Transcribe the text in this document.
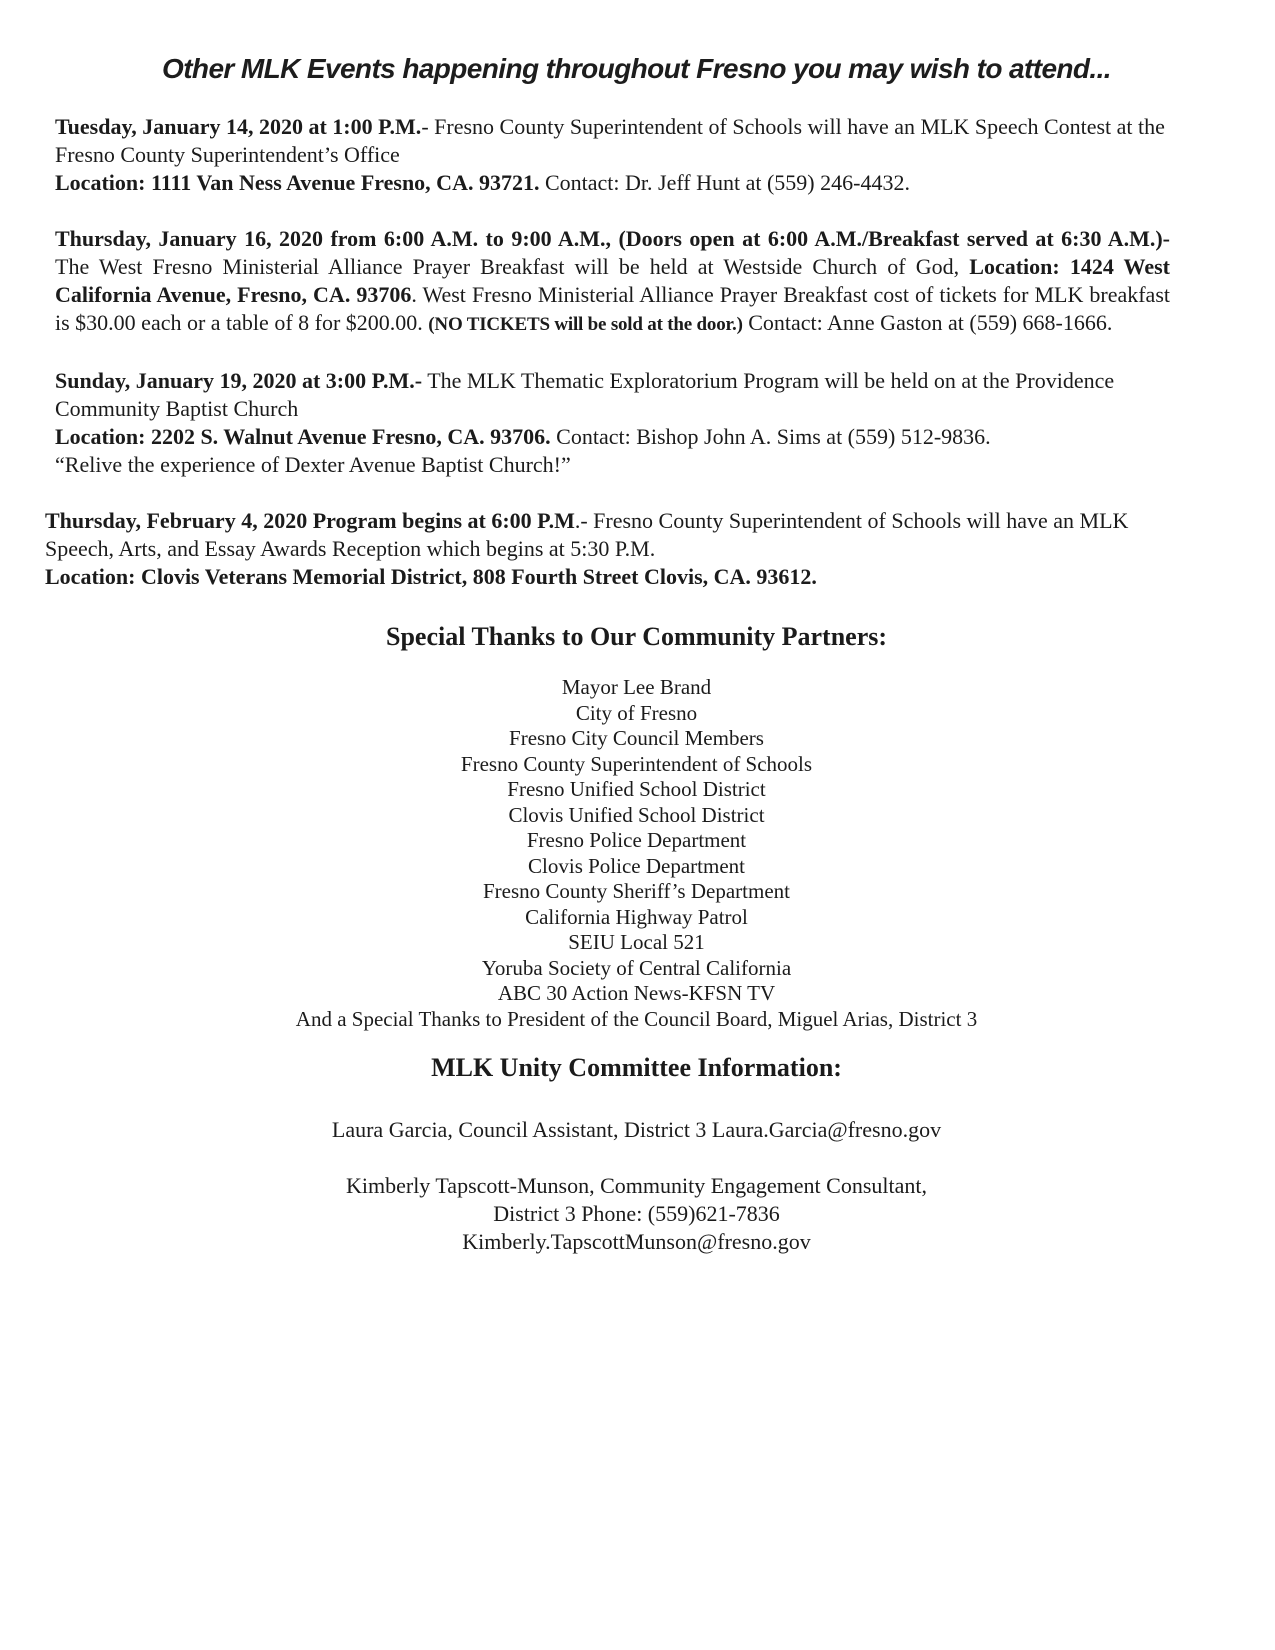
Other MLK Events happening throughout Fresno you may wish to attend...

Tuesday, January 14, 2020 at 1:00 P.M.- Fresno County Superintendent of Schools will have an MLK Speech Contest at the Fresno County Superintendent’s Office
Location: 1111 Van Ness Avenue Fresno, CA. 93721. Contact: Dr. Jeff Hunt at (559) 246-4432.

Thursday, January 16, 2020 from 6:00 A.M. to 9:00 A.M., (Doors open at 6:00 A.M./Breakfast served at 6:30 A.M.)- The West Fresno Ministerial Alliance Prayer Breakfast will be held at Westside Church of God, Location: 1424 West California Avenue, Fresno, CA. 93706. West Fresno Ministerial Alliance Prayer Breakfast cost of tickets for MLK breakfast is $30.00 each or a table of 8 for $200.00. (NO TICKETS will be sold at the door.) Contact: Anne Gaston at (559) 668-1666.

Sunday, January 19, 2020 at 3:00 P.M.- The MLK Thematic Exploratorium Program will be held on at the Providence Community Baptist Church
Location: 2202 S. Walnut Avenue Fresno, CA. 93706. Contact: Bishop John A. Sims at (559) 512-9836.
“Relive the experience of Dexter Avenue Baptist Church!”

Thursday, February 4, 2020 Program begins at 6:00 P.M.- Fresno County Superintendent of Schools will have an MLK Speech, Arts, and Essay Awards Reception which begins at 5:30 P.M.
Location: Clovis Veterans Memorial District, 808 Fourth Street Clovis, CA. 93612.

Special Thanks to Our Community Partners:
Mayor Lee Brand
City of Fresno
Fresno City Council Members
Fresno County Superintendent of Schools
Fresno Unified School District
Clovis Unified School District
Fresno Police Department
Clovis Police Department
Fresno County Sheriff’s Department
California Highway Patrol
SEIU Local 521
Yoruba Society of Central California
ABC 30 Action News-KFSN TV
And a Special Thanks to President of the Council Board, Miguel Arias, District 3
MLK Unity Committee Information:
Laura Garcia, Council Assistant, District 3 Laura.Garcia@fresno.gov
Kimberly Tapscott-Munson, Community Engagement Consultant,
District 3 Phone: (559)621-7836
Kimberly.TapscottMunson@fresno.gov
